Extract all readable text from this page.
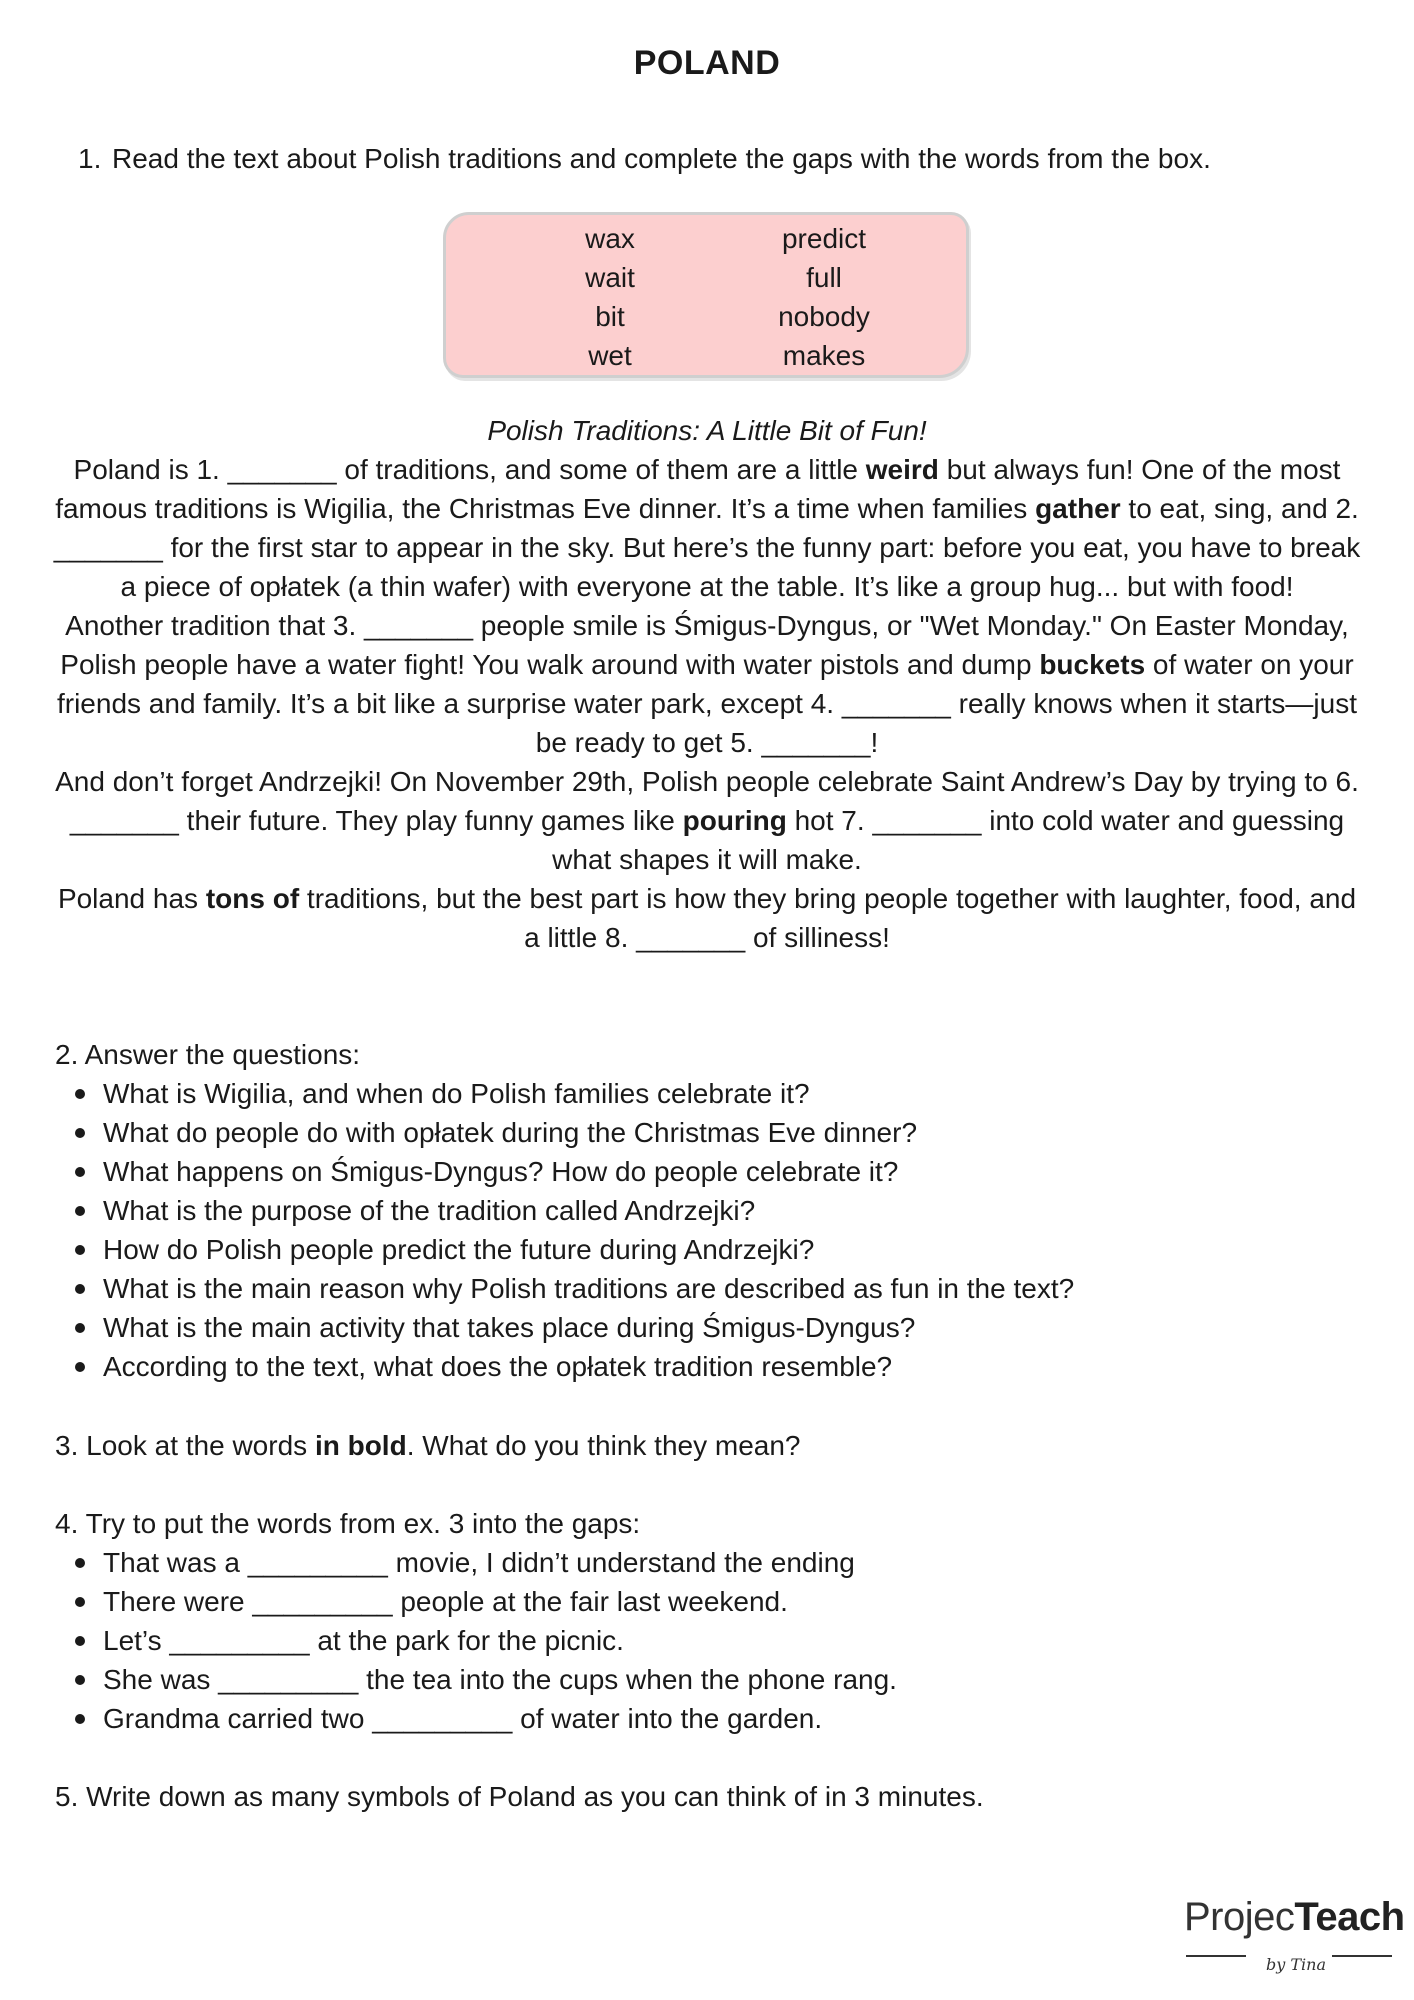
POLAND
1. Read the text about Polish traditions and complete the gaps with the words from the box.
wax
wait
bit
wet
predict
full
nobody
makes
Polish Traditions: A Little Bit of Fun!
Poland is 1. _______ of traditions, and some of them are a little weird but always fun! One of the most famous traditions is Wigilia, the Christmas Eve dinner. It’s a time when families gather to eat, sing, and 2. _______ for the first star to appear in the sky. But here’s the funny part: before you eat, you have to break a piece of opłatek (a thin wafer) with everyone at the table. It’s like a group hug... but with food!
Another tradition that 3. _______ people smile is Śmigus-Dyngus, or "Wet Monday." On Easter Monday, Polish people have a water fight! You walk around with water pistols and dump buckets of water on your friends and family. It’s a bit like a surprise water park, except 4. _______ really knows when it starts—just be ready to get 5. _______!
And don’t forget Andrzejki! On November 29th, Polish people celebrate Saint Andrew’s Day by trying to 6. _______ their future. They play funny games like pouring hot 7. _______ into cold water and guessing what shapes it will make.
Poland has tons of traditions, but the best part is how they bring people together with laughter, food, and a little 8. _______ of silliness!
2. Answer the questions:
What is Wigilia, and when do Polish families celebrate it?
What do people do with opłatek during the Christmas Eve dinner?
What happens on Śmigus-Dyngus? How do people celebrate it?
What is the purpose of the tradition called Andrzejki?
How do Polish people predict the future during Andrzejki?
What is the main reason why Polish traditions are described as fun in the text?
What is the main activity that takes place during Śmigus-Dyngus?
According to the text, what does the opłatek tradition resemble?
3. Look at the words in bold. What do you think they mean?
4. Try to put the words from ex. 3 into the gaps:
That was a _________ movie, I didn’t understand the ending
There were _________ people at the fair last weekend.
Let’s _________ at the park for the picnic.
She was _________ the tea into the cups when the phone rang.
Grandma carried two _________ of water into the garden.
5. Write down as many symbols of Poland as you can think of in 3 minutes.
ProjecTeach
by Tina
